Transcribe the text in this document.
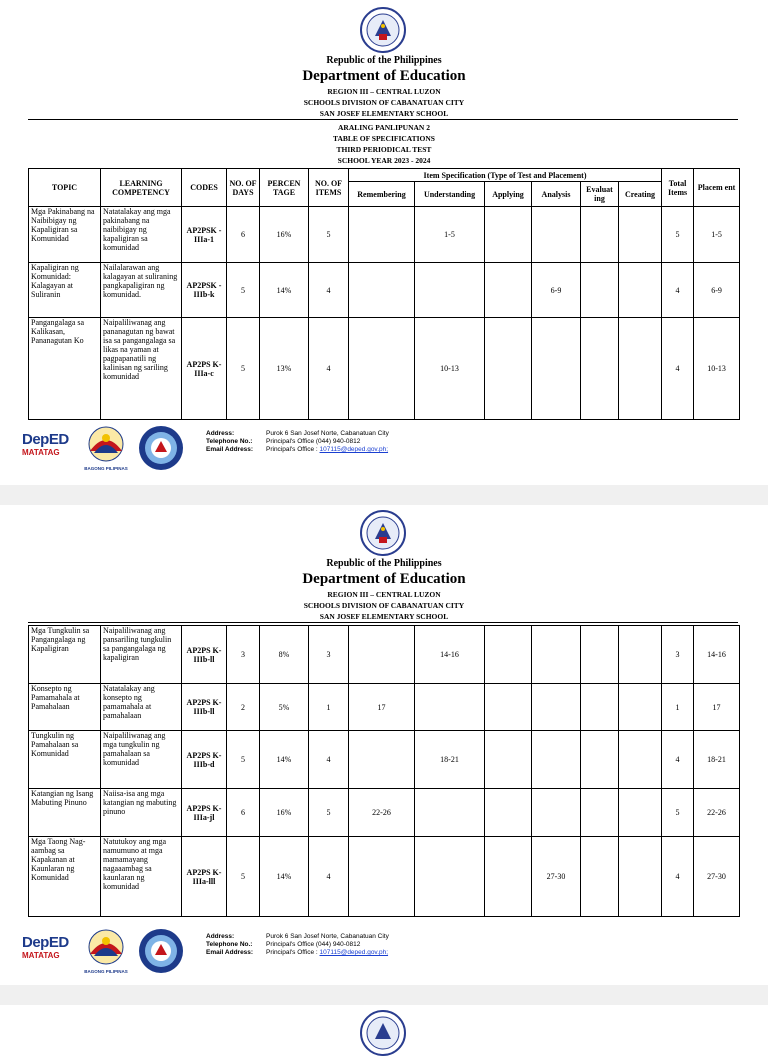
Republic of the Philippines
Department of Education
REGION III – CENTRAL LUZON
SCHOOLS DIVISION OF CABANATUAN CITY
SAN JOSEF ELEMENTARY SCHOOL
ARALING PANLIPUNAN 2
TABLE OF SPECIFICATIONS
THIRD PERIODICAL TEST
SCHOOL YEAR 2023 - 2024
TOPIC	LEARNING COMPETENCY	CODES	NO. OF DAYS	PERCEN TAGE	NO. OF ITEMS	Item Specification (Type of Test and Placement)						Total Items	Placem ent
						Remembering	Understanding	Applying	Analysis	Evaluat ing	Creating		
Mga Pakinabang na Naibibigay ng Kapaligiran sa Komunidad	Natatalakay ang mga pakinabang na naibibigay ng kapaligiran sa komunidad	AP2PSK - IIIa-1	6	16%	5		1-5					5	1-5
Kapaligiran ng Komunidad: Kalagayan at Suliranin	Nailalarawan ang kalagayan at suliraning pangkapaligiran ng komunidad.	AP2PSK - IIIb-k	5	14%	4				6-9			4	6-9
Pangangalaga sa Kalikasan, Pananagutan Ko	Naipaliliwanag ang pananagutan ng bawat isa sa pangangalaga sa likas na yaman at pagpapanatili ng kalinisan ng sariling komunidad	AP2PS K- IIIa-c	5	13%	4		10-13					4	10-13
DepED
MATATAG
BAGONG PILIPINAS
Address:	Purok 6 San Josef Norte, Cabanatuan City
Telephone No.: Principal's Office (044) 940-0812
Email Address: Principal's Office : 107115@deped.gov.ph;
Republic of the Philippines
Department of Education
REGION III – CENTRAL LUZON
SCHOOLS DIVISION OF CABANATUAN CITY
SAN JOSEF ELEMENTARY SCHOOL
Mga Tungkulin sa Pangangalaga ng Kapaligiran	Naipaliliwanag ang pansariling tungkulin sa pangangalaga ng kapaligiran	AP2PS K- IIIb-ll	3	8%	3		14-16					3	14-16
Konsepto ng Pamamahala at Pamahalaan	Natatalakay ang konsepto ng pamamahala at pamahalaan	AP2PS K- IIIb-ll	2	5%	1	17						1	17
Tungkulin ng Pamahalaan sa Komunidad	Naipaliliwanag ang mga tungkulin ng pamahalaan sa komunidad	AP2PS K- IIIb-d	5	14%	4		18-21					4	18-21
Katangian ng Isang Mabuting Pinuno	Naiisa-isa ang mga katangian ng mabuting pinuno	AP2PS K- IIIa-jl	6	16%	5	22-26						5	22-26
Mga Taong Nag-aambag sa Kapakanan at Kaunlaran ng Komunidad	Natutukoy ang mga namumuno at mga mamamayang nagaaambag sa kaunlaran ng komunidad	AP2PS K- IIIa-lll	5	14%	4				27-30			4	27-30
DepED
MATATAG
BAGONG PILIPINAS
Address:	Purok 6 San Josef Norte, Cabanatuan City
Telephone No.: Principal's Office (044) 940-0812
Email Address: Principal's Office : 107115@deped.gov.ph;
